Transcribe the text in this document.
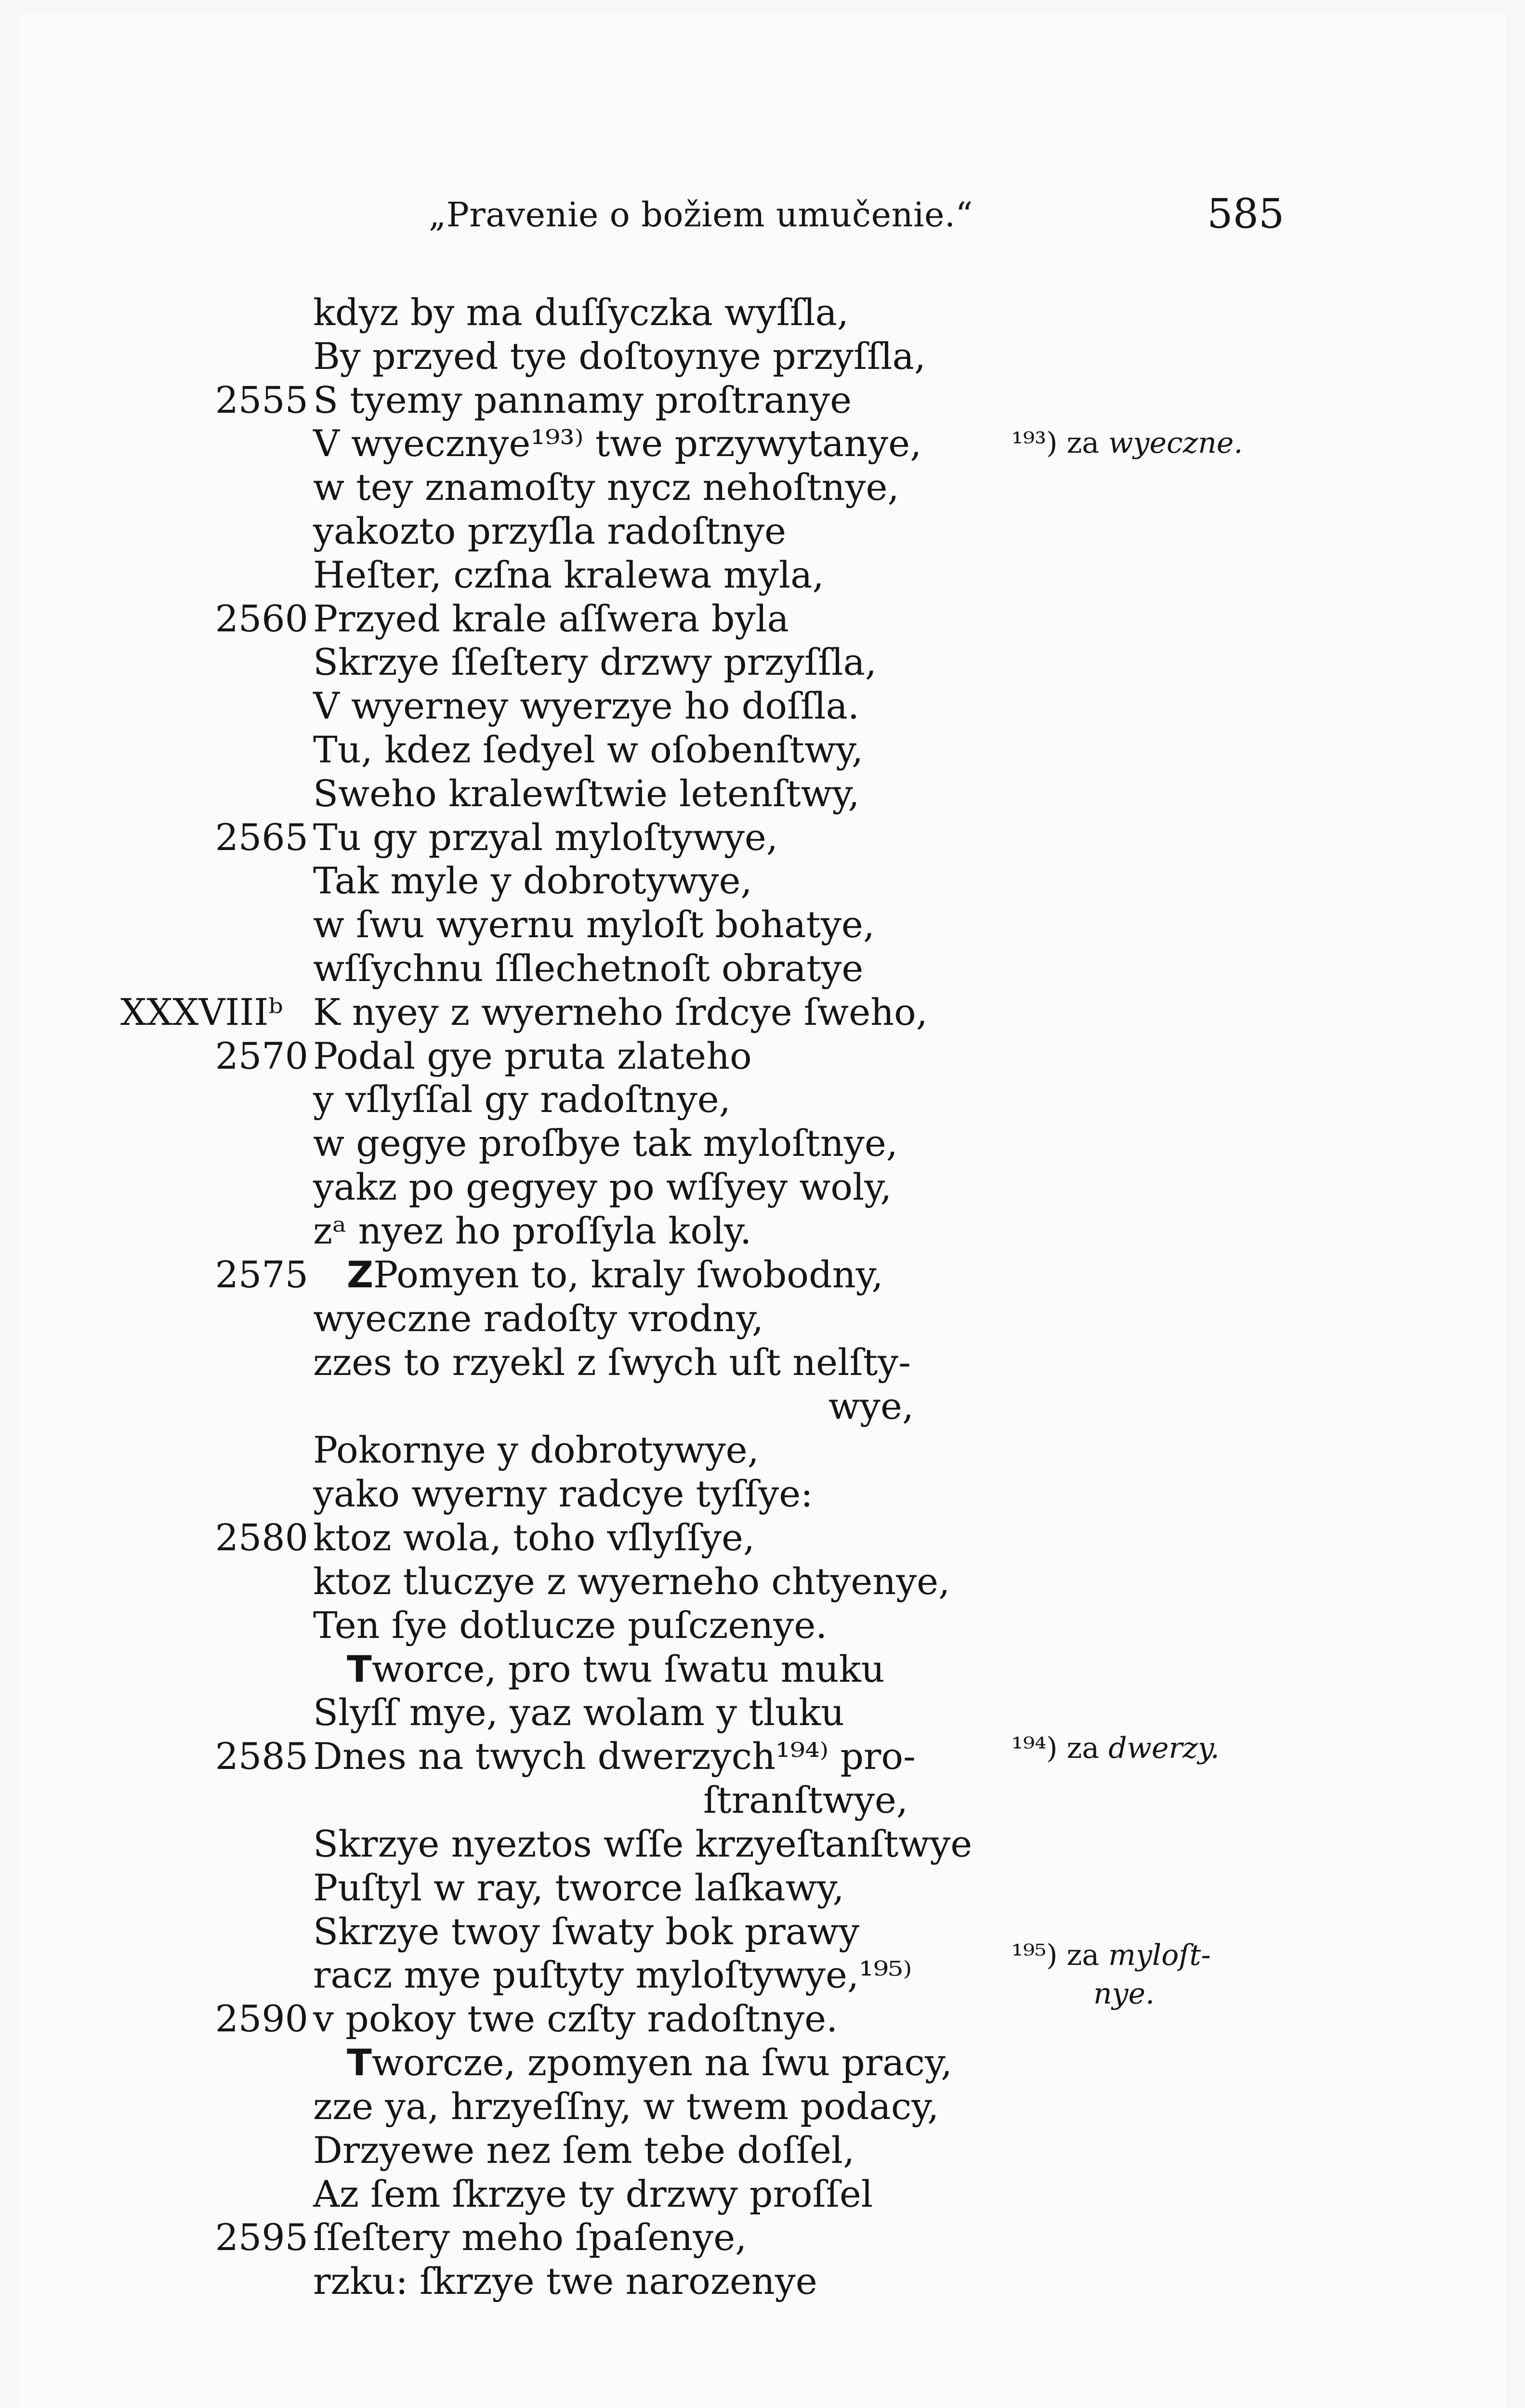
„Pravenie o božiem umučenie.“	585
2555
2560
2565
XXXVIIIᵇ
2570
2575
2580
2585
2590
2595
kdyz by ma duſſyczka wyſſla,
By przyed tye doſtoynye przyſſla,
S tyemy pannamy proſtranye
V wyecznye¹⁹³⁾ twe przywytanye,
w tey znamoſty nycz nehoſtnye,
yakozto przyſla radoſtnye
Heſter, czſna kralewa myla,
Przyed krale aſſwera byla
Skrzye ſſeſtery drzwy przyſſla,
V wyerney wyerzye ho doſſla.
Tu, kdez ſedyel w oſobenſtwy,
Sweho kralewſtwie letenſtwy,
Tu gy przyal myloſtywye,
Tak myle y dobrotywye,
w ſwu wyernu myloſt bohatye,
wſſychnu ſſlechetnoſt obratye
K nyey z wyerneho ſrdcye ſweho,
Podal gye pruta zlateho
y vſlyſſal gy radoſtnye,
w gegye proſbye tak myloſtnye,
yakz po gegyey po wſſyey woly,
zᵃ nyez ho proſſyla koly.
ZPomyen to, kraly ſwobodny,
wyeczne radoſty vrodny,
zzes to rzyekl z ſwych uſt nelſty-
wye,
Pokornye y dobrotywye,
yako wyerny radcye tyſſye:
ktoz wola, toho vſlyſſye,
ktoz tluczye z wyerneho chtyenye,
Ten ſye dotlucze puſczenye.
Tworce, pro twu ſwatu muku
Slyſſ mye, yaz wolam y tluku
Dnes na twych dwerzych¹⁹⁴⁾ pro-
ſtranſtwye,
Skrzye nyeztos wſſe krzyeſtanſtwye
Puſtyl w ray, tworce laſkawy,
Skrzye twoy ſwaty bok prawy
racz mye puſtyty myloſtywye,¹⁹⁵⁾
v pokoy twe czſty radoſtnye.
Tworcze, zpomyen na ſwu pracy,
zze ya, hrzyeſſny, w twem podacy,
Drzyewe nez ſem tebe doſſel,
Az ſem ſkrzye ty drzwy proſſel
ſſeſtery meho ſpaſenye,
rzku: ſkrzye twe narozenye
¹⁹³) za wyeczne.
¹⁹⁴) za dwerzy.
¹⁹⁵) za myloſt-
nye.
